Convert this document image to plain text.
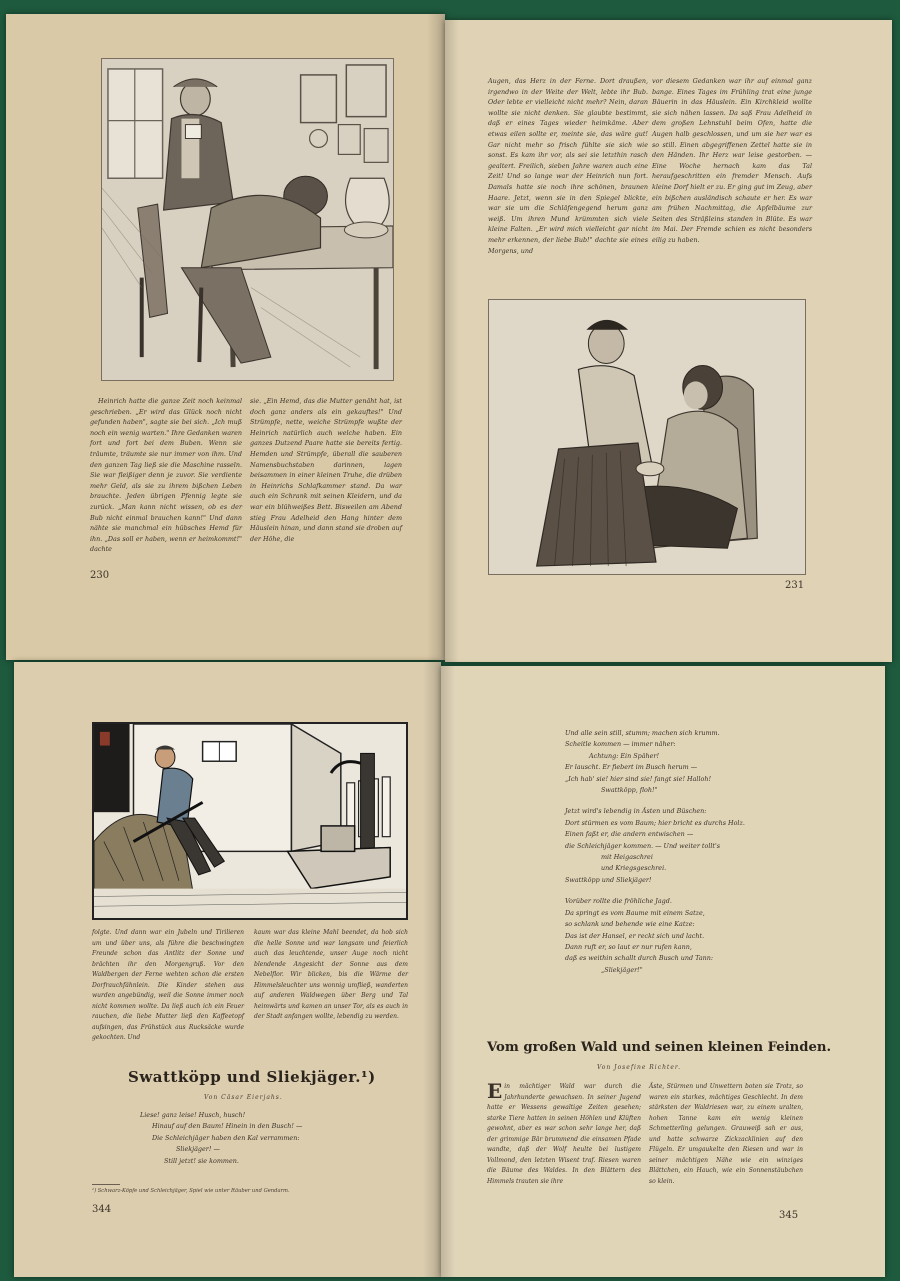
Heinrich hatte die ganze Zeit noch keinmal geschrieben. „Er wird das Glück noch nicht gefunden haben", sagte sie bei sich. „Ich muß noch ein wenig warten." Ihre Gedanken waren fort und fort bei dem Buben. Wenn sie träumte, träumte sie nur immer von ihm. Und den ganzen Tag ließ sie die Maschine rasseln. Sie war fleißiger denn je zuvor. Sie verdiente mehr Geld, als sie zu ihrem bißchen Leben brauchte. Jeden übrigen Pfennig legte sie zurück. „Man kann nicht wissen, ob es der Bub nicht einmal brauchen kann!" Und dann nähte sie manchmal ein hübsches Hemd für ihn. „Das soll er haben, wenn er heimkommt!" dachte

sie. „Ein Hemd, das die Mutter genäht hat, ist doch ganz anders als ein gekauftes!" Und Strümpfe, nette, weiche Strümpfe wußte der Heinrich natürlich auch welche haben. Ein ganzes Dutzend Paare hatte sie bereits fertig. Hemden und Strümpfe, überall die sauberen Namensbuchstaben darinnen, lagen beisammen in einer kleinen Truhe, die drüben in Heinrichs Schlafkammer stand. Da war auch ein Schrank mit seinen Kleidern, und da war ein blühweißes Bett. Bisweilen am Abend stieg Frau Adelheid den Hang hinter dem Häuslein hinan, und dann stand sie droben auf der Höhe, die

230

Augen, das Herz in der Ferne. Dort draußen, irgendwo in der Weite der Welt, lebte ihr Bub. Oder lebte er vielleicht nicht mehr? Nein, daran wollte sie nicht denken. Sie glaubte bestimmt, daß er eines Tages wieder heimkäme. Aber etwas eilen sollte er, meinte sie, das wäre gut! Gar nicht mehr so frisch fühlte sie sich wie sonst. Es kam ihr vor, als sei sie letzthin rasch gealtert. Freilich, sieben Jahre waren auch eine Zeit! Und so lange war der Heinrich nun fort. Damals hatte sie noch ihre schönen, braunen Haare. Jetzt, wenn sie in den Spiegel blickte, war sie um die Schläfengegend herum ganz weiß. Um ihren Mund krümmten sich viele kleine Falten. „Er wird mich vielleicht gar nicht mehr erkennen, der liebe Bub!" dachte sie eines Morgens, und

vor diesem Gedanken war ihr auf einmal ganz bange. Eines Tages im Frühling trat eine junge Bäuerin in das Häuslein. Ein Kirchkleid wollte sie sich nähen lassen. Da saß Frau Adelheid in dem großen Lehnstuhl beim Ofen, hatte die Augen halb geschlossen, und um sie her war es so still. Einen abgegriffenen Zettel hatte sie in den Händen. Ihr Herz war leise gestorben. — Eine Woche hernach kam das Tal heraufgeschritten ein fremder Mensch. Aufs kleine Dorf hielt er zu. Er ging gut im Zeug, aber ein bißchen ausländisch schaute er her. Es war am frühen Nachmittag, die Apfelbäume zur Seiten des Sträßleins standen in Blüte. Es war im Mai. Der Fremde schien es nicht besonders eilig zu haben.

231

folgte. Und dann war ein Jubeln und Tirilieren um und über uns, als führe die beschwingten Freunde schon das Antlitz der Sonne und brächten ihr den Morgengruß. Vor den Waldbergen der Ferne wehten schon die ersten Dorfrauchfähnlein. Die Kinder stehen aus wurden angebündig, weil die Sonne immer noch nicht kommen wollte. Da ließ auch ich ein Feuer rauchen, die liebe Mutter ließ den Kaffeetopf aufsingen, das Frühstück aus Rucksäcke wurde gekochten. Und

kaum war das kleine Mahl beendet, da hob sich die helle Sonne und war langsam und feierlich auch das leuchtende, unser Auge noch nicht blendende Angesicht der Sonne aus dem Nebelflor. Wir blicken, bis die Wärme der Himmelsleuchter uns wonnig umfließ, wanderten auf anderen Waldwegen über Berg und Tal heimwärts und kamen an unser Tor, als es auch in der Stadt anfangen wollte, lebendig zu werden.

Swattköpp und Sliekjäger.¹)
Von Cäsar Eierjahs.
Liese! ganz leise! Husch, husch!
Hinauf auf den Baum! Hinein in den Busch! —
Die Schleichjäger haben den Kal verrammen:
Sliekjäger! —
Still jetzt! sie kommen.
¹) Schwarz-Köpfe und Schleichjäger, Spiel wie unter Räuber und Gendarm.
344
Und alle sein still, stumm; machen sich krumm.
Scheitle kommen — immer näher:
Achtung: Ein Späher!
Er lauscht. Er fiebert im Busch herum —
„Ich hab' sie! hier sind sie! fangt sie! Halloh!
Swattköpp, floh!"
Jetzt wird's lebendig in Ästen und Büschen:
Dort stürmen es vom Baum; hier bricht es durchs Holz.
Einen faßt er, die andern entwischen —
die Schleichjäger kommen. — Und weiter tollt's
mit Heigaschrei
und Kriegsgeschrei.
Swattköpp und Sliekjäger!
Vorüber rollte die fröhliche Jagd.
Da springt es vom Baume mit einem Satze,
so schlank und behende wie eine Katze:
Das ist der Hansel, er reckt sich und lacht.
Dann ruft er, so laut er nur rufen kann,
daß es weithin schallt durch Busch und Tann:
„Sliekjäger!"
Vom großen Wald und seinen kleinen Feinden.
Von Josefine Richter.

Ein mächtiger Wald war durch die Jahrhunderte gewachsen. In seiner Jugend hatte er Wessens gewaltige Zeiten gesehen; starke Tiere hatten in seinen Höhlen und Klüften gewohnt, aber es war schon sehr lange her, daß der grimmige Bär brummend die einsamen Pfade wandte, daß der Wolf heulte bei lustigem Vollmond, den letzten Wisent traf. Riesen waren die Bäume des Waldes. In den Blättern des Himmels trauten sie ihre

Äste, Stürmen und Unwettern boten sie Trotz, so waren ein starkes, mächtiges Geschlecht. In dem stärksten der Waldriesen war, zu einem uralten, hohen Tanne kam ein wenig kleinen Schmetterling gelungen. Grauweiß sah er aus, und hatte schwarze Zickzacklinien auf den Flügeln. Er umgaukelte den Riesen und war in seiner mächtigen Nähe wie ein winziges Blättchen, ein Hauch, wie ein Sonnenstäubchen so klein.

345
